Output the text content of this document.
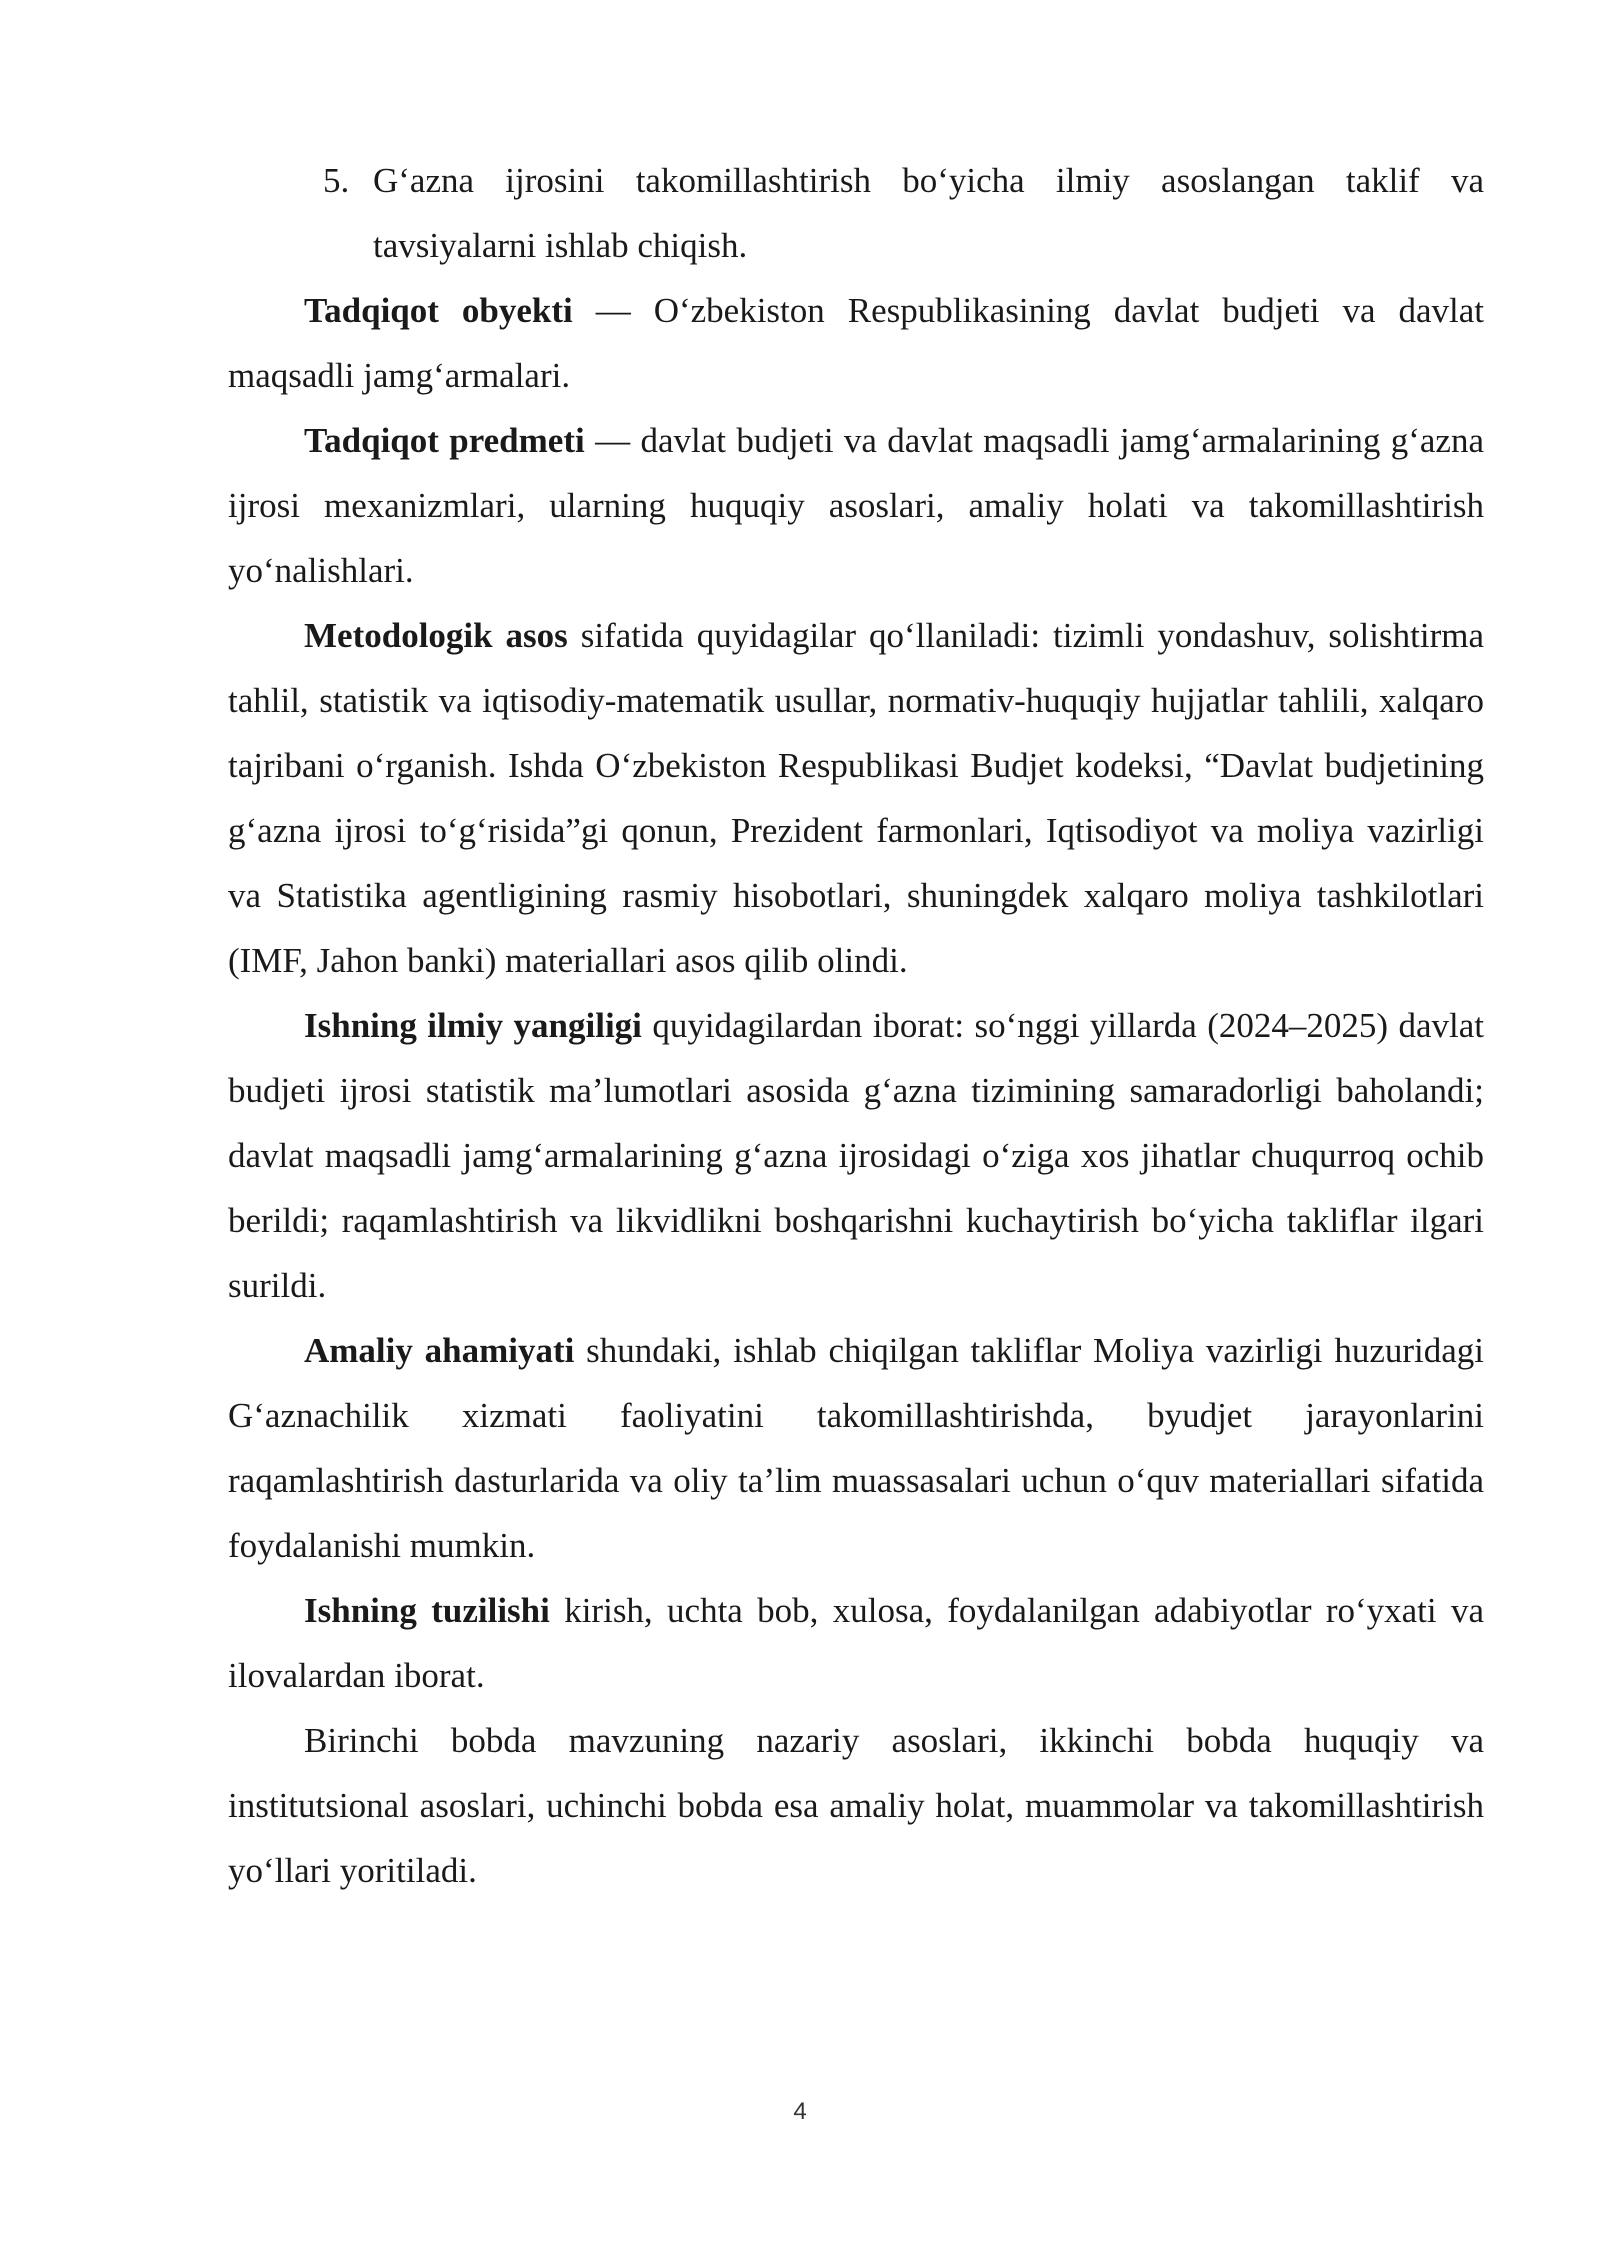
5. G‘azna ijrosini takomillashtirish bo‘yicha ilmiy asoslangan taklif va tavsiyalarni ishlab chiqish.

Tadqiqot obyekti — O‘zbekiston Respublikasining davlat budjeti va davlat maqsadli jamg‘armalari.

Tadqiqot predmeti — davlat budjeti va davlat maqsadli jamg‘armalarining g‘azna ijrosi mexanizmlari, ularning huquqiy asoslari, amaliy holati va takomillashtirish yo‘nalishlari.

Metodologik asos sifatida quyidagilar qo‘llaniladi: tizimli yondashuv, solishtirma tahlil, statistik va iqtisodiy-matematik usullar, normativ-huquqiy hujjatlar tahlili, xalqaro tajribani o‘rganish. Ishda O‘zbekiston Respublikasi Budjet kodeksi, “Davlat budjetining g‘azna ijrosi to‘g‘risida”gi qonun, Prezident farmonlari, Iqtisodiyot va moliya vazirligi va Statistika agentligining rasmiy hisobotlari, shuningdek xalqaro moliya tashkilotlari (IMF, Jahon banki) materiallari asos qilib olindi.

Ishning ilmiy yangiligi quyidagilardan iborat: so‘nggi yillarda (2024–2025) davlat budjeti ijrosi statistik ma’lumotlari asosida g‘azna tizimining samaradorligi baholandi; davlat maqsadli jamg‘armalarining g‘azna ijrosidagi o‘ziga xos jihatlar chuqurroq ochib berildi; raqamlashtirish va likvidlikni boshqarishni kuchaytirish bo‘yicha takliflar ilgari surildi.

Amaliy ahamiyati shundaki, ishlab chiqilgan takliflar Moliya vazirligi huzuridagi G‘aznachilik xizmati faoliyatini takomillashtirishda, byudjet jarayonlarini raqamlashtirish dasturlarida va oliy ta’lim muassasalari uchun o‘quv materiallari sifatida foydalanishi mumkin.

Ishning tuzilishi kirish, uchta bob, xulosa, foydalanilgan adabiyotlar ro‘yxati va ilovalardan iborat.

Birinchi bobda mavzuning nazariy asoslari, ikkinchi bobda huquqiy va institutsional asoslari, uchinchi bobda esa amaliy holat, muammolar va takomillashtirish yo‘llari yoritiladi.

4
